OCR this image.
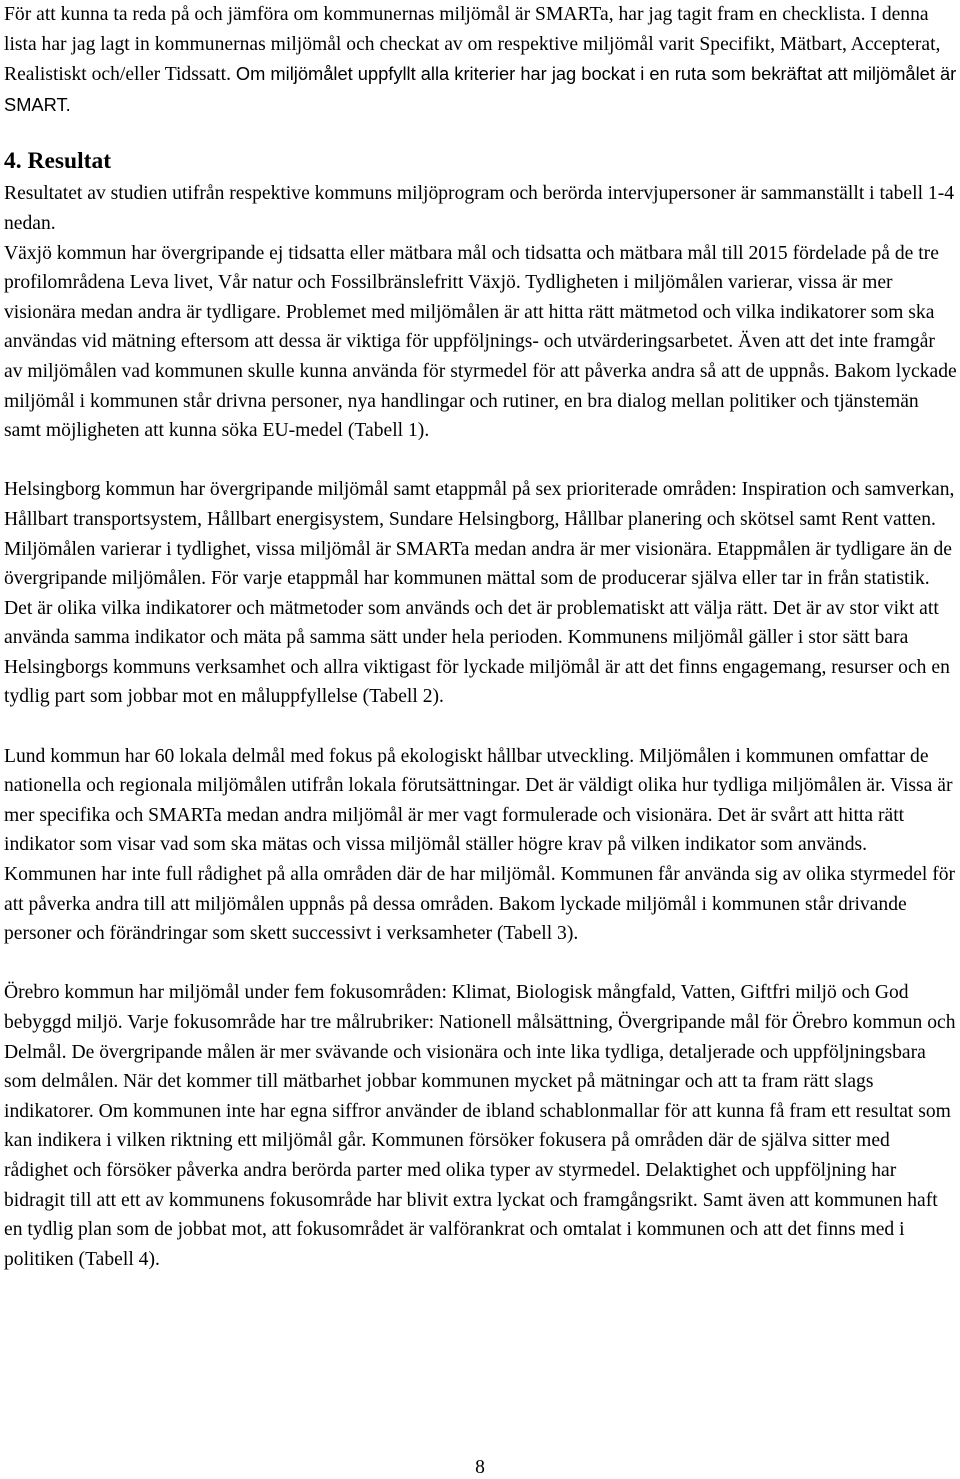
För att kunna ta reda på och jämföra om kommunernas miljömål är SMARTa, har jag tagit fram en checklista. I denna lista har jag lagt in kommunernas miljömål och checkat av om respektive miljömål varit Specifikt, Mätbart, Accepterat, Realistiskt och/eller Tidssatt. Om miljömålet uppfyllt alla kriterier har jag bockat i en ruta som bekräftat att miljömålet är SMART.

4. Resultat

Resultatet av studien utifrån respektive kommuns miljöprogram och berörda intervjupersoner är sammanställt i tabell 1-4 nedan.

Växjö kommun har övergripande ej tidsatta eller mätbara mål och tidsatta och mätbara mål till 2015 fördelade på de tre profilområdena Leva livet, Vår natur och Fossilbränslefritt Växjö. Tydligheten i miljömålen varierar, vissa är mer visionära medan andra är tydligare. Problemet med miljömålen är att hitta rätt mätmetod och vilka indikatorer som ska användas vid mätning eftersom att dessa är viktiga för uppföljnings- och utvärderingsarbetet. Även att det inte framgår av miljömålen vad kommunen skulle kunna använda för styrmedel för att påverka andra så att de uppnås. Bakom lyckade miljömål i kommunen står drivna personer, nya handlingar och rutiner, en bra dialog mellan politiker och tjänstemän samt möjligheten att kunna söka EU-medel (Tabell 1).

Helsingborg kommun har övergripande miljömål samt etappmål på sex prioriterade områden: Inspiration och samverkan, Hållbart transportsystem, Hållbart energisystem, Sundare Helsingborg, Hållbar planering och skötsel samt Rent vatten. Miljömålen varierar i tydlighet, vissa miljömål är SMARTa medan andra är mer visionära. Etappmålen är tydligare än de övergripande miljömålen. För varje etappmål har kommunen mättal som de producerar själva eller tar in från statistik. Det är olika vilka indikatorer och mätmetoder som används och det är problematiskt att välja rätt. Det är av stor vikt att använda samma indikator och mäta på samma sätt under hela perioden. Kommunens miljömål gäller i stor sätt bara Helsingborgs kommuns verksamhet och allra viktigast för lyckade miljömål är att det finns engagemang, resurser och en tydlig part som jobbar mot en måluppfyllelse (Tabell 2).

Lund kommun har 60 lokala delmål med fokus på ekologiskt hållbar utveckling. Miljömålen i kommunen omfattar de nationella och regionala miljömålen utifrån lokala förutsättningar. Det är väldigt olika hur tydliga miljömålen är. Vissa är mer specifika och SMARTa medan andra miljömål är mer vagt formulerade och visionära. Det är svårt att hitta rätt indikator som visar vad som ska mätas och vissa miljömål ställer högre krav på vilken indikator som används. Kommunen har inte full rådighet på alla områden där de har miljömål. Kommunen får använda sig av olika styrmedel för att påverka andra till att miljömålen uppnås på dessa områden. Bakom lyckade miljömål i kommunen står drivande personer och förändringar som skett successivt i verksamheter (Tabell 3).

Örebro kommun har miljömål under fem fokusområden: Klimat, Biologisk mångfald, Vatten, Giftfri miljö och God bebyggd miljö. Varje fokusområde har tre målrubriker: Nationell målsättning, Övergripande mål för Örebro kommun och Delmål. De övergripande målen är mer svävande och visionära och inte lika tydliga, detaljerade och uppföljningsbara som delmålen. När det kommer till mätbarhet jobbar kommunen mycket på mätningar och att ta fram rätt slags indikatorer. Om kommunen inte har egna siffror använder de ibland schablonmallar för att kunna få fram ett resultat som kan indikera i vilken riktning ett miljömål går. Kommunen försöker fokusera på områden där de själva sitter med rådighet och försöker påverka andra berörda parter med olika typer av styrmedel. Delaktighet och uppföljning har bidragit till att ett av kommunens fokusområde har blivit extra lyckat och framgångsrikt. Samt även att kommunen haft en tydlig plan som de jobbat mot, att fokusområdet är valförankrat och omtalat i kommunen och att det finns med i politiken (Tabell 4).

8
